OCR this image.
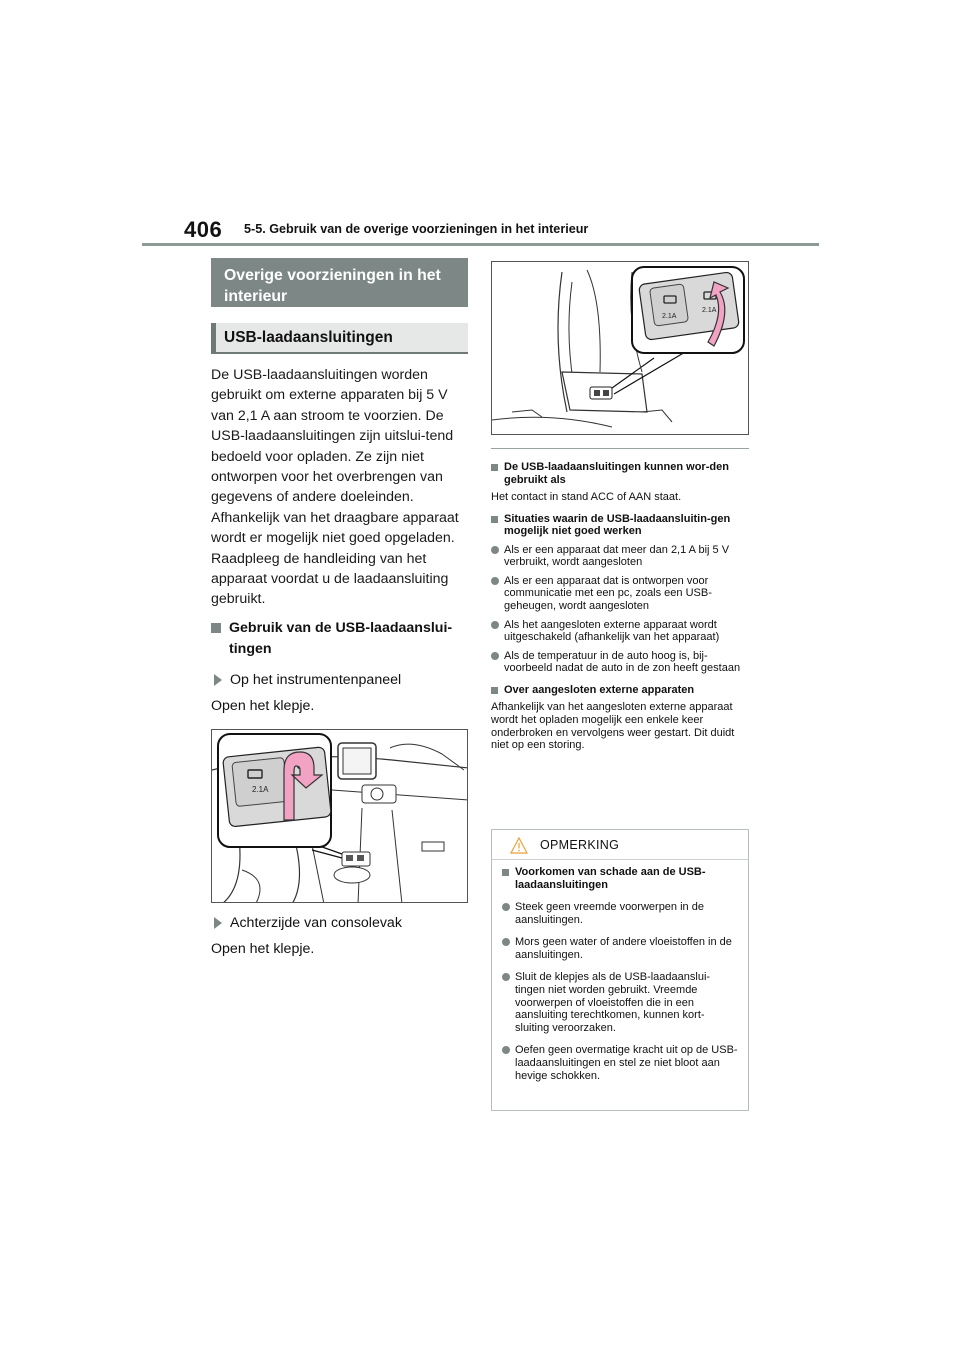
406 5-5. Gebruik van de overige voorzieningen in het interieur
Overige voorzieningen in het interieur
USB-laadaansluitingen

De USB-laadaansluitingen worden gebruikt om externe apparaten bij 5 V van 2,1 A aan stroom te voorzien. De USB-laadaansluitingen zijn uitslui-tend bedoeld voor opladen. Ze zijn niet ontworpen voor het overbrengen van gegevens of andere doeleinden. Afhankelijk van het draagbare apparaat wordt er mogelijk niet goed opgeladen. Raadpleeg de handleiding van het apparaat voordat u de laadaansluiting gebruikt.

Gebruik van de USB-laadaanslui-tingen
Op het instrumentenpaneel
Open het klepje.
2.1A
Achterzijde van consolevak
Open het klepje.
2.1A
2.1A
De USB-laadaansluitingen kunnen wor-den gebruikt als
Het contact in stand ACC of AAN staat.
Situaties waarin de USB-laadaansluitin-gen mogelijk niet goed werken
Als er een apparaat dat meer dan 2,1 A bij 5 V verbruikt, wordt aangesloten
Als er een apparaat dat is ontworpen voor communicatie met een pc, zoals een USB-geheugen, wordt aangesloten
Als het aangesloten externe apparaat wordt uitgeschakeld (afhankelijk van het apparaat)
Als de temperatuur in de auto hoog is, bij-voorbeeld nadat de auto in de zon heeft gestaan
Over aangesloten externe apparaten
Afhankelijk van het aangesloten externe apparaat wordt het opladen mogelijk een enkele keer onderbroken en vervolgens weer gestart. Dit duidt niet op een storing.
OPMERKING
Voorkomen van schade aan de USB-laadaansluitingen
Steek geen vreemde voorwerpen in de aansluitingen.
Mors geen water of andere vloeistoffen in de aansluitingen.
Sluit de klepjes als de USB-laadaanslui-tingen niet worden gebruikt. Vreemde voorwerpen of vloeistoffen die in een aansluiting terechtkomen, kunnen kort-sluiting veroorzaken.
Oefen geen overmatige kracht uit op de USB-laadaansluitingen en stel ze niet bloot aan hevige schokken.
